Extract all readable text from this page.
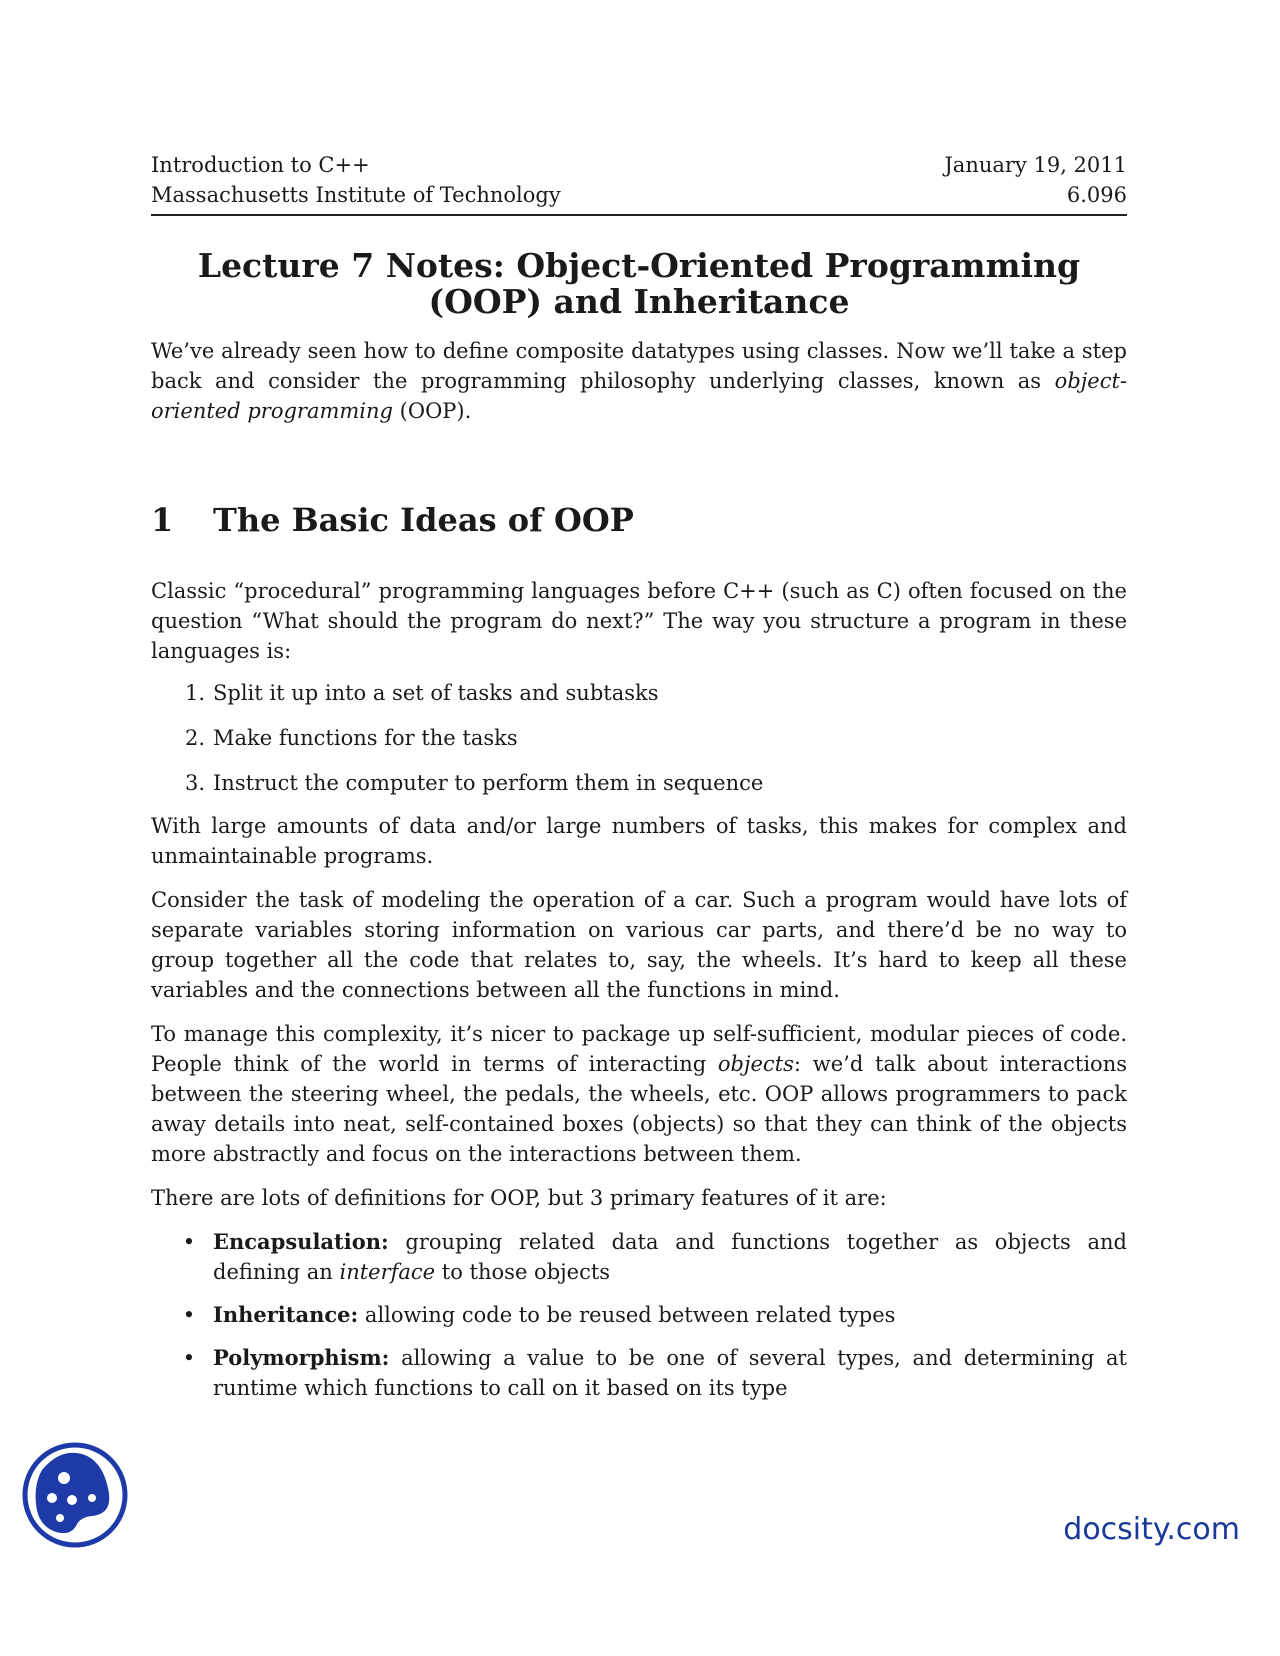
Introduction to C++
Massachusetts Institute of Technology
January 19, 2011
6.096
Lecture 7 Notes: Object-Oriented Programming
(OOP) and Inheritance

We’ve already seen how to define composite datatypes using classes. Now we’ll take a step back and consider the programming philosophy underlying classes, known as object-oriented programming (OOP).

1 The Basic Ideas of OOP

Classic “procedural” programming languages before C++ (such as C) often focused on the question “What should the program do next?” The way you structure a program in these languages is:

1. Split it up into a set of tasks and subtasks
2. Make functions for the tasks
3. Instruct the computer to perform them in sequence

With large amounts of data and/or large numbers of tasks, this makes for complex and unmaintainable programs.

Consider the task of modeling the operation of a car. Such a program would have lots of separate variables storing information on various car parts, and there’d be no way to group together all the code that relates to, say, the wheels. It’s hard to keep all these variables and the connections between all the functions in mind.

To manage this complexity, it’s nicer to package up self-sufficient, modular pieces of code. People think of the world in terms of interacting objects: we’d talk about interactions between the steering wheel, the pedals, the wheels, etc. OOP allows programmers to pack away details into neat, self-contained boxes (objects) so that they can think of the objects more abstractly and focus on the interactions between them.

There are lots of definitions for OOP, but 3 primary features of it are:

• Encapsulation: grouping related data and functions together as objects and defining an interface to those objects
• Inheritance: allowing code to be reused between related types
• Polymorphism: allowing a value to be one of several types, and determining at runtime which functions to call on it based on its type
docsity.com
